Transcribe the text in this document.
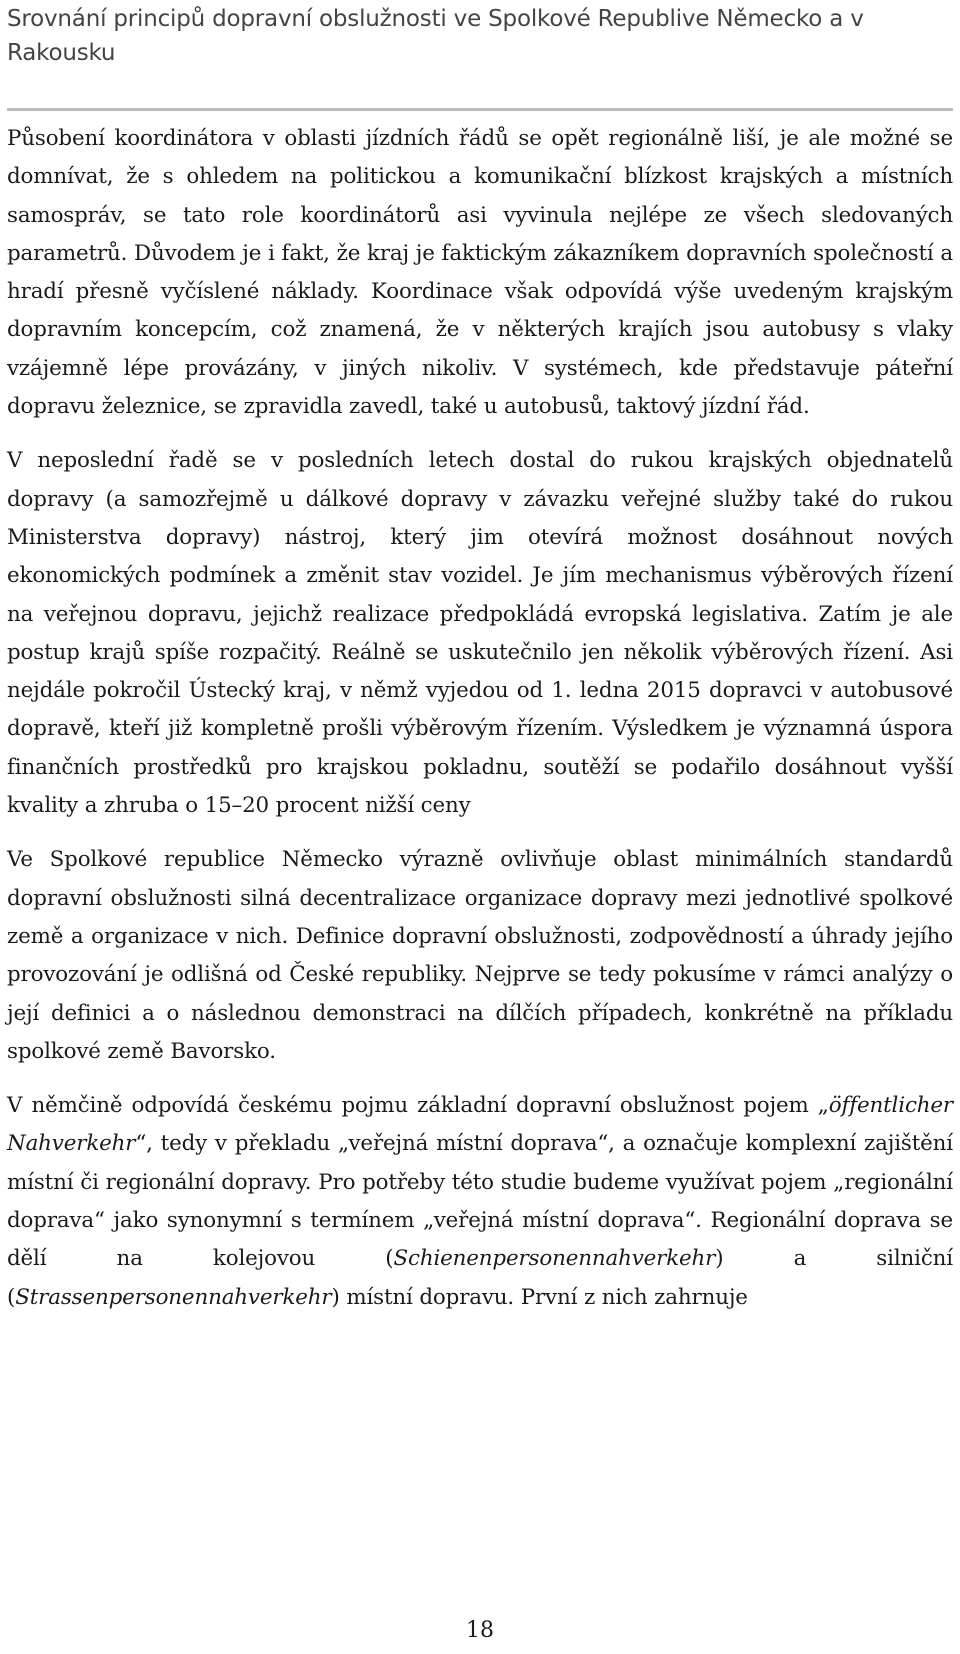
Srovnání principů dopravní obslužnosti ve Spolkové Republive Německo a v Rakousku

Působení koordinátora v oblasti jízdních řádů se opět regionálně liší, je ale možné se domnívat, že s ohledem na politickou a komunikační blízkost krajských a místních samospráv, se tato role koordinátorů asi vyvinula nejlépe ze všech sledovaných parametrů. Důvodem je i fakt, že kraj je faktickým zákazníkem dopravních společností a hradí přesně vyčíslené náklady. Koordinace však odpovídá výše uvedeným krajským dopravním koncepcím, což znamená, že v některých krajích jsou autobusy s vlaky vzájemně lépe provázány, v jiných nikoliv. V systémech, kde představuje páteřní dopravu železnice, se zpravidla zavedl, také u autobusů, taktový jízdní řád.

V neposlední řadě se v posledních letech dostal do rukou krajských objednatelů dopravy (a samozřejmě u dálkové dopravy v závazku veřejné služby také do rukou Ministerstva dopravy) nástroj, který jim otevírá možnost dosáhnout nových ekonomických podmínek a změnit stav vozidel. Je jím mechanismus výběrových řízení na veřejnou dopravu, jejichž realizace předpokládá evropská legislativa. Zatím je ale postup krajů spíše rozpačitý. Reálně se uskutečnilo jen několik výběrových řízení. Asi nejdále pokročil Ústecký kraj, v němž vyjedou od 1. ledna 2015 dopravci v autobusové dopravě, kteří již kompletně prošli výběrovým řízením. Výsledkem je významná úspora finančních prostředků pro krajskou pokladnu, soutěží se podařilo dosáhnout vyšší kvality a zhruba o 15–20 procent nižší ceny

Ve Spolkové republice Německo výrazně ovlivňuje oblast minimálních standardů dopravní obslužnosti silná decentralizace organizace dopravy mezi jednotlivé spolkové země a organizace v nich. Definice dopravní obslužnosti, zodpovědností a úhrady jejího provozování je odlišná od České republiky. Nejprve se tedy pokusíme v rámci analýzy o její definici a o následnou demonstraci na dílčích případech, konkrétně na příkladu spolkové země Bavorsko.

V němčině odpovídá českému pojmu základní dopravní obslužnost pojem „öffentlicher Nahverkehr“, tedy v překladu „veřejná místní doprava“, a označuje komplexní zajištění místní či regionální dopravy. Pro potřeby této studie budeme využívat pojem „regionální doprava“ jako synonymní s termínem „veřejná místní doprava“. Regionální doprava se dělí na kolejovou (Schienenpersonennahverkehr) a silniční (Strassenpersonennahverkehr) místní dopravu. První z nich zahrnuje

18
